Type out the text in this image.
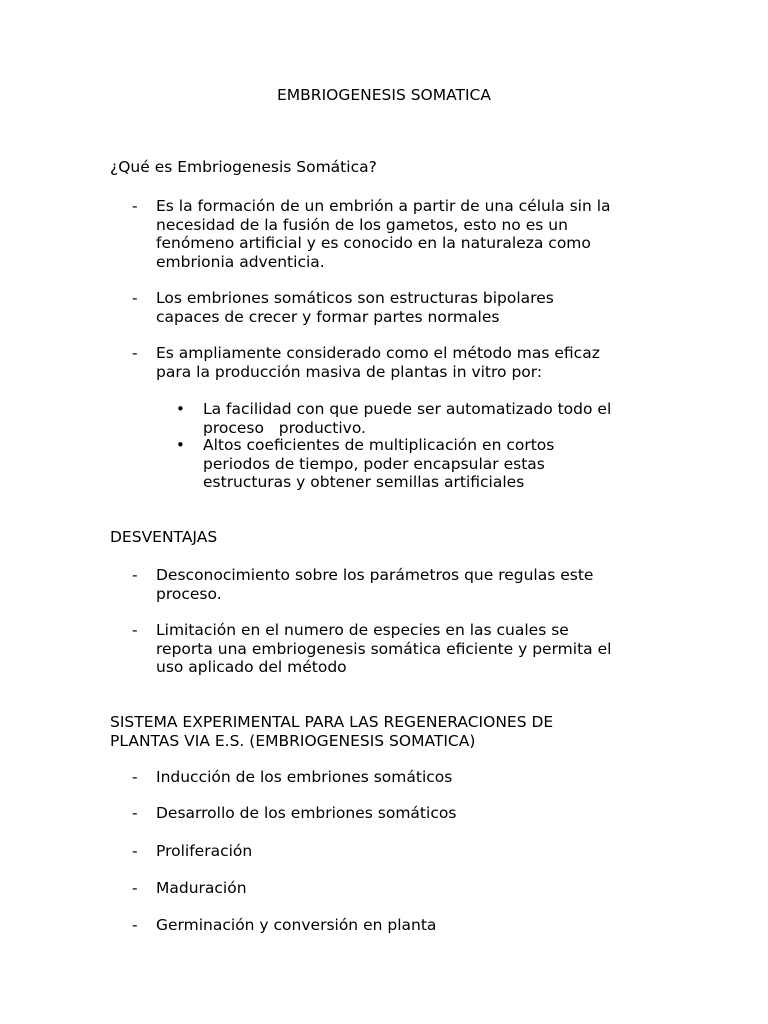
EMBRIOGENESIS SOMATICA
¿Qué es Embriogenesis Somática?
- Es la formación de un embrión a partir de una célula sin la
necesidad de la fusión de los gametos, esto no es un
fenómeno artificial y es conocido en la naturaleza como
embrionia adventicia.
- Los embriones somáticos son estructuras bipolares
capaces de crecer y formar partes normales
- Es ampliamente considerado como el método mas eficaz
para la producción masiva de plantas in vitro por:
• La facilidad con que puede ser automatizado todo el
proceso   productivo.
• Altos coeficientes de multiplicación en cortos
periodos de tiempo, poder encapsular estas
estructuras y obtener semillas artificiales
DESVENTAJAS
- Desconocimiento sobre los parámetros que regulas este
proceso.
- Limitación en el numero de especies en las cuales se
reporta una embriogenesis somática eficiente y permita el
uso aplicado del método
SISTEMA EXPERIMENTAL PARA LAS REGENERACIONES DE
PLANTAS VIA E.S. (EMBRIOGENESIS SOMATICA)
- Inducción de los embriones somáticos
- Desarrollo de los embriones somáticos
- Proliferación
- Maduración
- Germinación y conversión en planta
